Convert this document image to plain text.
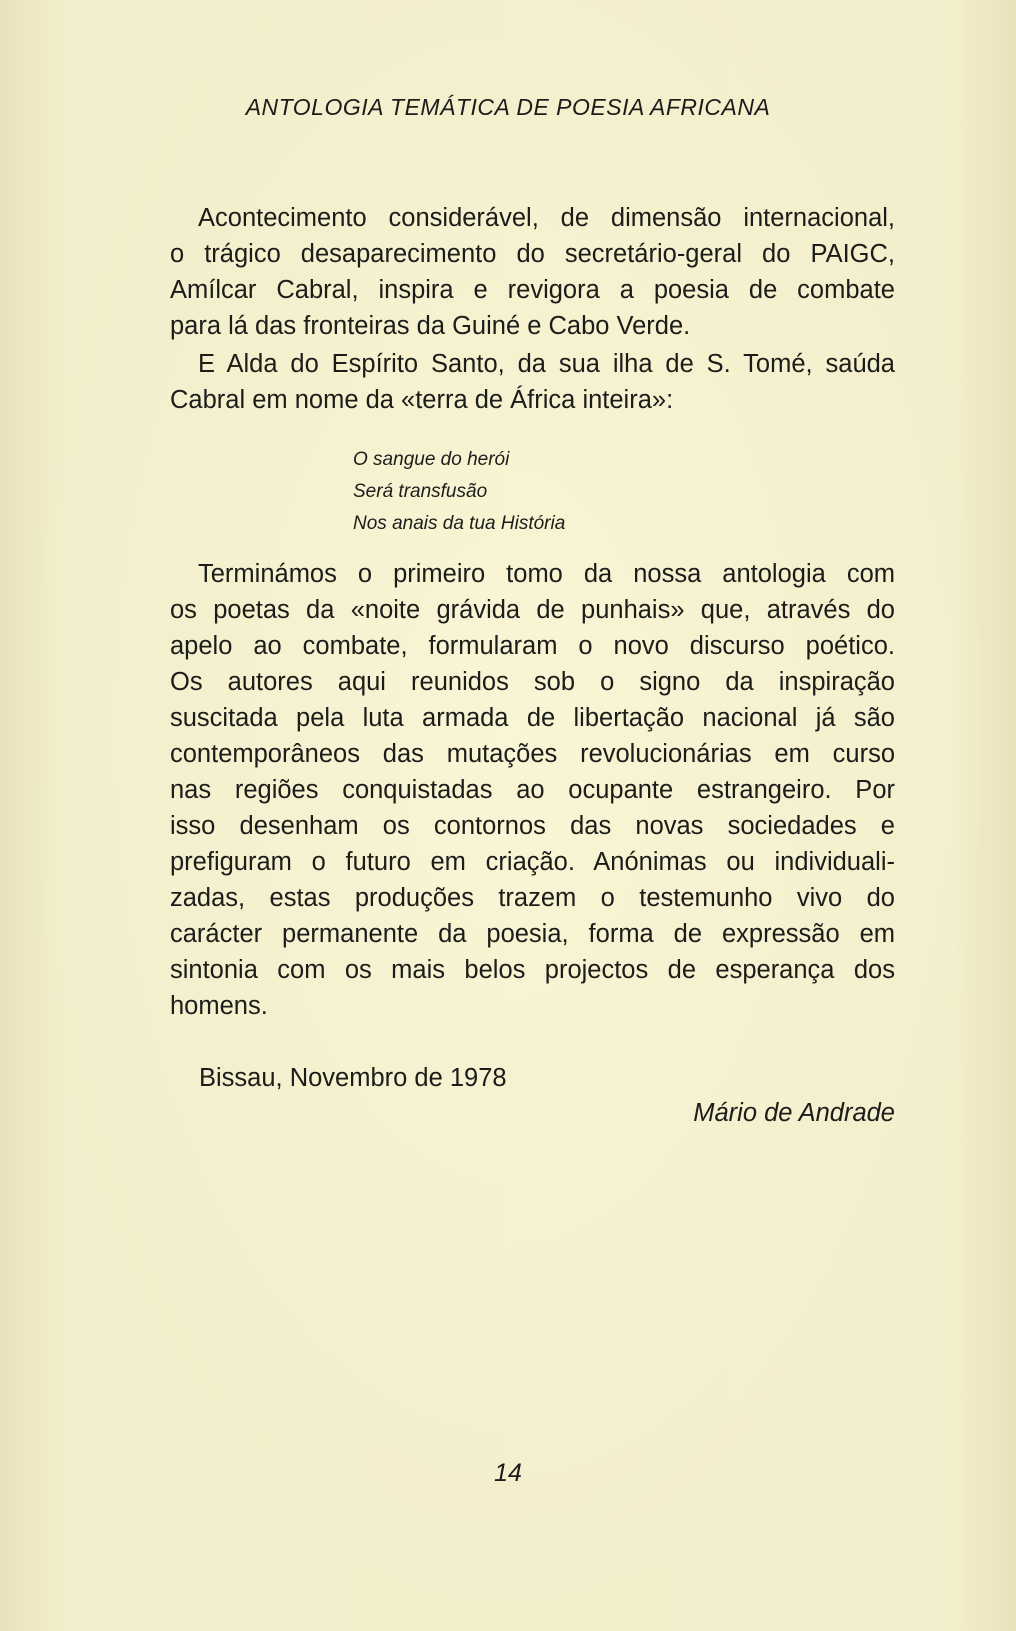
ANTOLOGIA TEMÁTICA DE POESIA AFRICANA

Acontecimento considerável, de dimensão internacional,
o trágico desaparecimento do secretário-geral do PAIGC,
Amílcar Cabral, inspira e revigora a poesia de combate
para lá das fronteiras da Guiné e Cabo Verde.

E Alda do Espírito Santo, da sua ilha de S. Tomé, saúda
Cabral em nome da «terra de África inteira»:

O sangue do herói
Será transfusão
Nos anais da tua História

Terminámos o primeiro tomo da nossa antologia com
os poetas da «noite grávida de punhais» que, através do
apelo ao combate, formularam o novo discurso poético.
Os autores aqui reunidos sob o signo da inspiração
suscitada pela luta armada de libertação nacional já são
contemporâneos das mutações revolucionárias em curso
nas regiões conquistadas ao ocupante estrangeiro. Por
isso desenham os contornos das novas sociedades e
prefiguram o futuro em criação. Anónimas ou individuali-
zadas, estas produções trazem o testemunho vivo do
carácter permanente da poesia, forma de expressão em
sintonia com os mais belos projectos de esperança dos
homens.

Bissau, Novembro de 1978

Mário de Andrade

14
